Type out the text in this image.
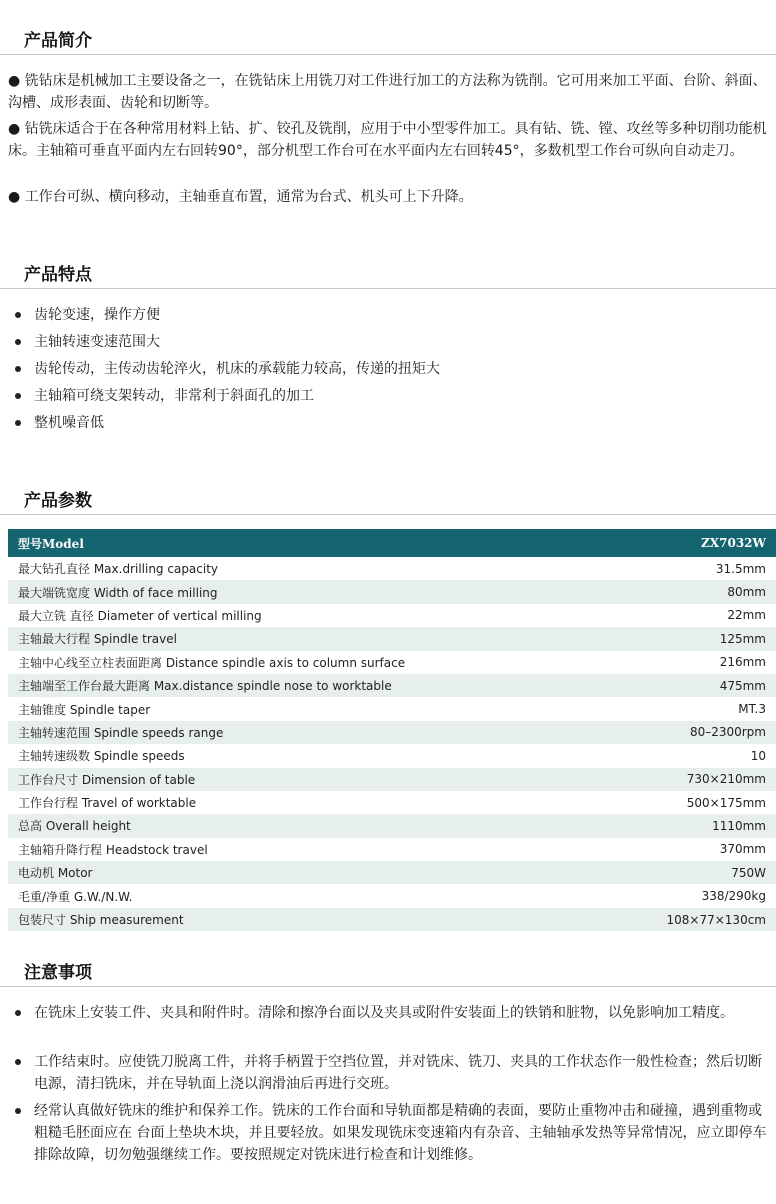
产品简介
● 铣钻床是机械加工主要设备之一，在铣钻床上用铣刀对工件进行加工的方法称为铣削。它可用来加工平面、台阶、斜面、沟槽、成形表面、齿轮和切断等。
● 钻铣床适合于在各种常用材料上钻、扩、铰孔及铣削，应用于中小型零件加工。具有钻、铣、镗、攻丝等多种切削功能机床。主轴箱可垂直平面内左右回转90°，部分机型工作台可在水平面内左右回转45°，多数机型工作台可纵向自动走刀。
● 工作台可纵、横向移动，主轴垂直布置，通常为台式、机头可上下升降。
产品特点
齿轮变速，操作方便
主轴转速变速范围大
齿轮传动，主传动齿轮淬火，机床的承载能力较高，传递的扭矩大
主轴箱可绕支架转动，非常利于斜面孔的加工
整机噪音低
产品参数
型号Model	ZX7032W
最大钻孔直径 Max.drilling capacity	31.5mm
最大端铣宽度 Width of face milling	80mm
最大立铣 直径 Diameter of vertical milling	22mm
主轴最大行程 Spindle travel	125mm
主轴中心线至立柱表面距离 Distance spindle axis to column surface	216mm
主轴端至工作台最大距离 Max.distance spindle nose to worktable	475mm
主轴锥度 Spindle taper	MT.3
主轴转速范围 Spindle speeds range	80–2300rpm
主轴转速级数 Spindle speeds	10
工作台尺寸 Dimension of table	730×210mm
工作台行程 Travel of worktable	500×175mm
总高 Overall height	1110mm
主轴箱升降行程 Headstock travel	370mm
电动机 Motor	750W
毛重/净重 G.W./N.W.	338/290kg
包装尺寸 Ship measurement	108×77×130cm
注意事项
在铣床上安装工件、夹具和附件时。清除和擦净台面以及夹具或附件安装面上的铁销和脏物，以免影响加工精度。
工作结束时。应使铣刀脱离工件，并将手柄置于空挡位置，并对铣床、铣刀、夹具的工作状态作一般性检查；然后切断电源，清扫铣床，并在导轨面上浇以润滑油后再进行交班。
经常认真做好铣床的维护和保养工作。铣床的工作台面和导轨面都是精确的表面，要防止重物冲击和碰撞，遇到重物或粗糙毛胚面应在 台面上垫块木块，并且要轻放。如果发现铣床变速箱内有杂音、主轴轴承发热等异常情况，应立即停车排除故障，切勿勉强继续工作。要按照规定对铣床进行检查和计划维修。
